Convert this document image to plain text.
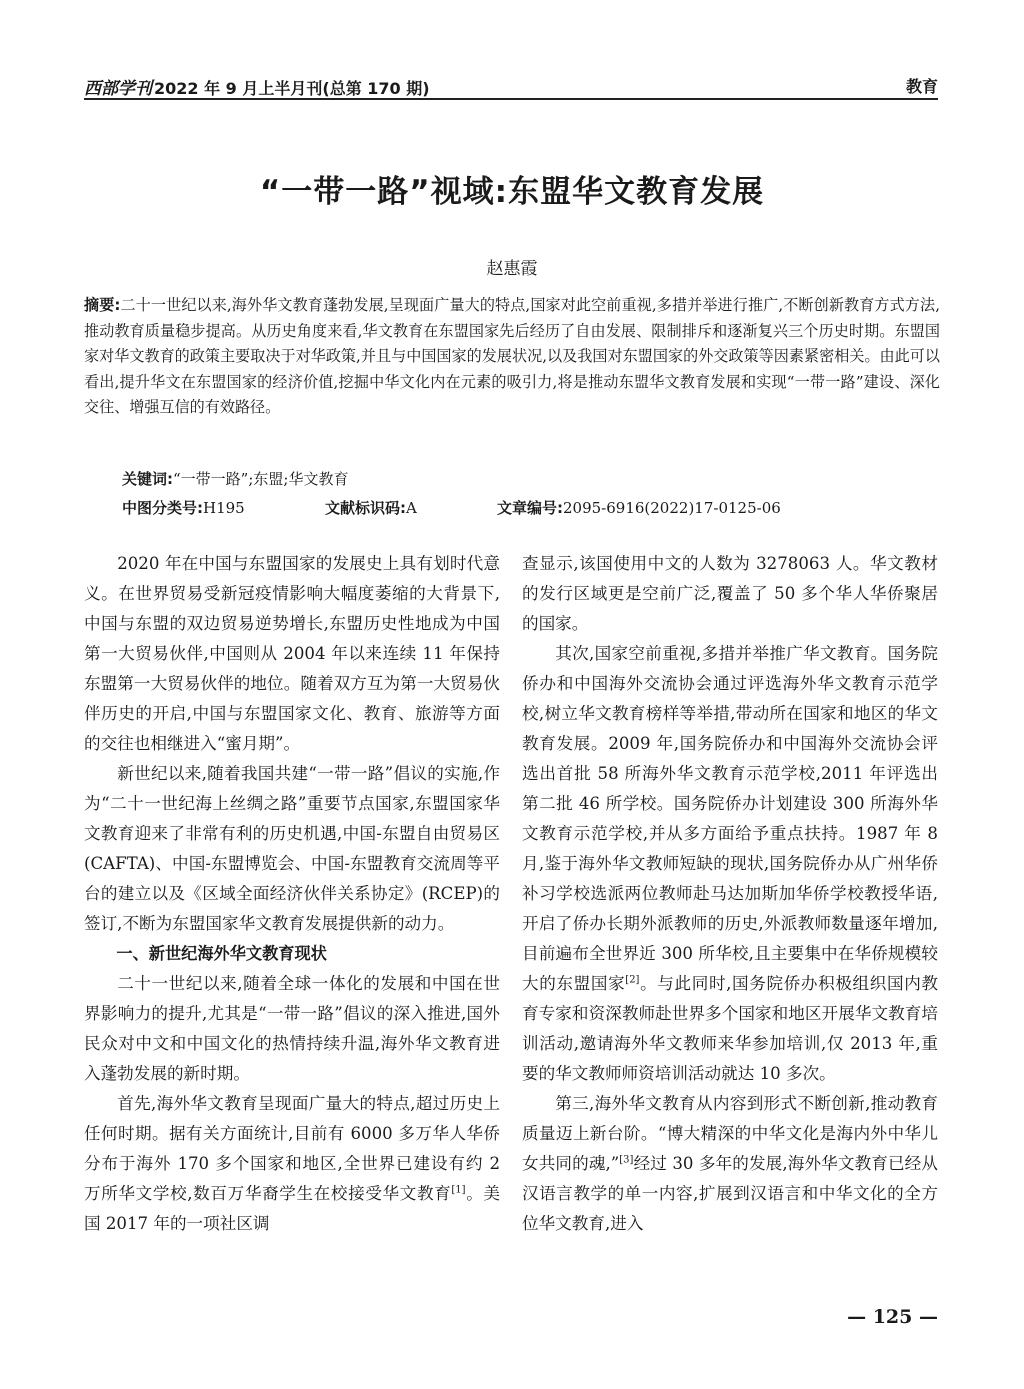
西部学刊 2022 年 9 月上半月刊(总第 170 期)	教育
“一带一路”视域:东盟华文教育发展
赵惠霞
摘要:二十一世纪以来,海外华文教育蓬勃发展,呈现面广量大的特点,国家对此空前重视,多措并举进行推广,不断创新教育方式方法,推动教育质量稳步提高。从历史角度来看,华文教育在东盟国家先后经历了自由发展、限制排斥和逐渐复兴三个历史时期。东盟国家对华文教育的政策主要取决于对华政策,并且与中国国家的发展状况,以及我国对东盟国家的外交政策等因素紧密相关。由此可以看出,提升华文在东盟国家的经济价值,挖掘中华文化内在元素的吸引力,将是推动东盟华文教育发展和实现“一带一路”建设、深化交往、增强互信的有效路径。
关键词:“一带一路”;东盟;华文教育
中图分类号:H195	文献标识码:A	文章编号:2095-6916(2022)17-0125-06

2020 年在中国与东盟国家的发展史上具有划时代意义。在世界贸易受新冠疫情影响大幅度萎缩的大背景下,中国与东盟的双边贸易逆势增长,东盟历史性地成为中国第一大贸易伙伴,中国则从 2004 年以来连续 11 年保持东盟第一大贸易伙伴的地位。随着双方互为第一大贸易伙伴历史的开启,中国与东盟国家文化、教育、旅游等方面的交往也相继进入“蜜月期”。

新世纪以来,随着我国共建“一带一路”倡议的实施,作为“二十一世纪海上丝绸之路”重要节点国家,东盟国家华文教育迎来了非常有利的历史机遇,中国-东盟自由贸易区(CAFTA)、中国-东盟博览会、中国-东盟教育交流周等平台的建立以及《区域全面经济伙伴关系协定》(RCEP)的签订,不断为东盟国家华文教育发展提供新的动力。

一、新世纪海外华文教育现状

二十一世纪以来,随着全球一体化的发展和中国在世界影响力的提升,尤其是“一带一路”倡议的深入推进,国外民众对中文和中国文化的热情持续升温,海外华文教育进入蓬勃发展的新时期。

首先,海外华文教育呈现面广量大的特点,超过历史上任何时期。据有关方面统计,目前有 6000 多万华人华侨分布于海外 170 多个国家和地区,全世界已建设有约 2 万所华文学校,数百万华裔学生在校接受华文教育[1]。美国 2017 年的一项社区调

查显示,该国使用中文的人数为 3278063 人。华文教材的发行区域更是空前广泛,覆盖了 50 多个华人华侨聚居的国家。

其次,国家空前重视,多措并举推广华文教育。国务院侨办和中国海外交流协会通过评选海外华文教育示范学校,树立华文教育榜样等举措,带动所在国家和地区的华文教育发展。2009 年,国务院侨办和中国海外交流协会评选出首批 58 所海外华文教育示范学校,2011 年评选出第二批 46 所学校。国务院侨办计划建设 300 所海外华文教育示范学校,并从多方面给予重点扶持。1987 年 8 月,鉴于海外华文教师短缺的现状,国务院侨办从广州华侨补习学校选派两位教师赴马达加斯加华侨学校教授华语,开启了侨办长期外派教师的历史,外派教师数量逐年增加,目前遍布全世界近 300 所华校,且主要集中在华侨规模较大的东盟国家[2]。与此同时,国务院侨办积极组织国内教育专家和资深教师赴世界多个国家和地区开展华文教育培训活动,邀请海外华文教师来华参加培训,仅 2013 年,重要的华文教师师资培训活动就达 10 多次。

第三,海外华文教育从内容到形式不断创新,推动教育质量迈上新台阶。“博大精深的中华文化是海内外中华儿女共同的魂,”[3]经过 30 多年的发展,海外华文教育已经从汉语言教学的单一内容,扩展到汉语言和中华文化的全方位华文教育,进入

— 125 —
